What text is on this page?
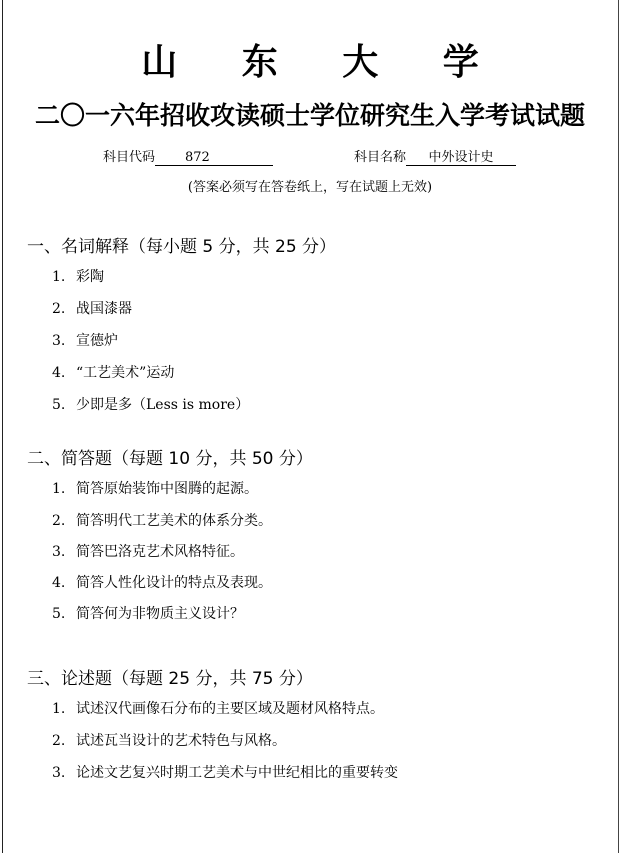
山 东 大 学
二〇一六年招收攻读硕士学位研究生入学考试试题
科目代码 872	科目名称 中外设计史
(答案必须写在答卷纸上，写在试题上无效)
一、名词解释（每小题 5 分，共 25 分）
1. 彩陶
2. 战国漆器
3. 宣德炉
4. “工艺美术”运动
5. 少即是多（Less is more）
二、简答题（每题 10 分，共 50 分）
1. 简答原始装饰中图腾的起源。
2. 简答明代工艺美术的体系分类。
3. 简答巴洛克艺术风格特征。
4. 简答人性化设计的特点及表现。
5. 简答何为非物质主义设计？
三、论述题（每题 25 分，共 75 分）
1. 试述汉代画像石分布的主要区域及题材风格特点。
2. 试述瓦当设计的艺术特色与风格。
3. 论述文艺复兴时期工艺美术与中世纪相比的重要转变
